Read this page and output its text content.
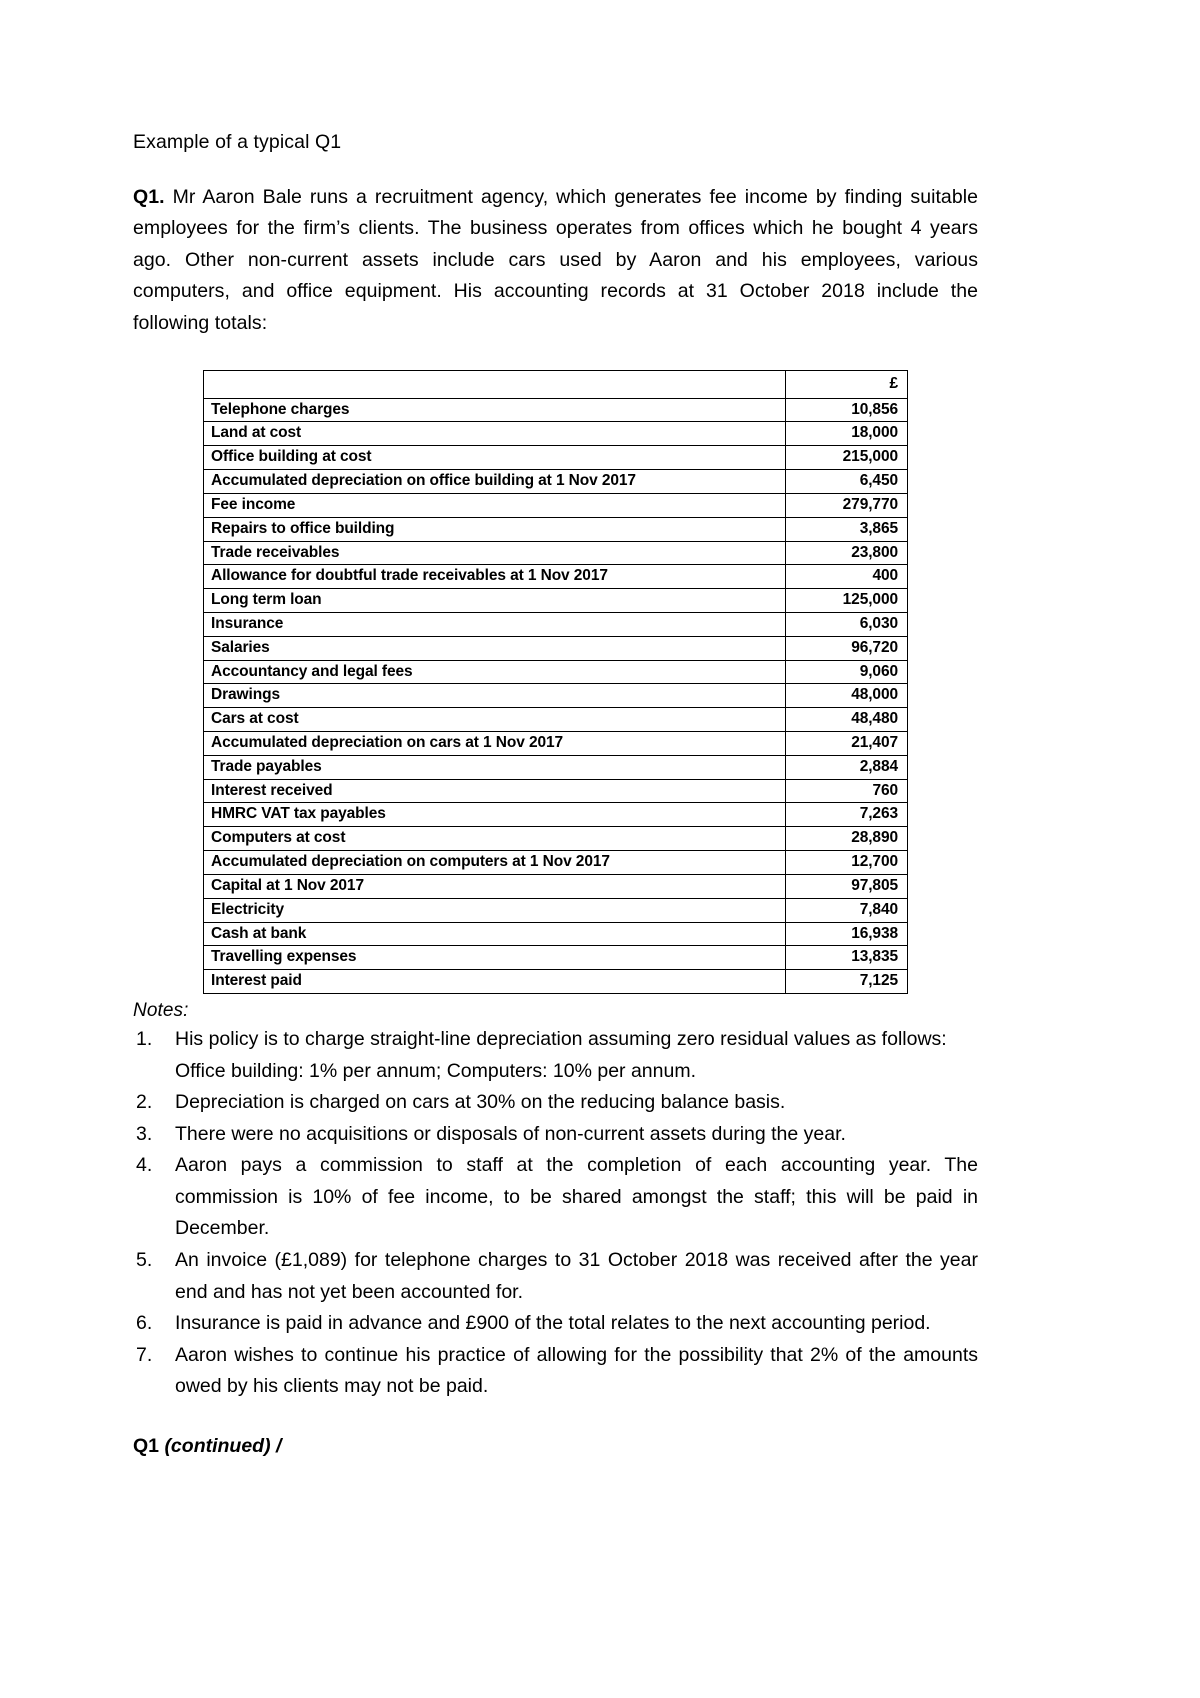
Example of a typical Q1

Q1. Mr Aaron Bale runs a recruitment agency, which generates fee income by finding suitable employees for the firm’s clients. The business operates from offices which he bought 4 years ago. Other non-current assets include cars used by Aaron and his employees, various computers, and office equipment. His accounting records at 31 October 2018 include the following totals:

	£
Telephone charges	10,856
Land at cost	18,000
Office building at cost	215,000
Accumulated depreciation on office building at 1 Nov 2017	6,450
Fee income	279,770
Repairs to office building	3,865
Trade receivables	23,800
Allowance for doubtful trade receivables at 1 Nov 2017	400
Long term loan	125,000
Insurance	6,030
Salaries	96,720
Accountancy and legal fees	9,060
Drawings	48,000
Cars at cost	48,480
Accumulated depreciation on cars at 1 Nov 2017	21,407
Trade payables	2,884
Interest received	760
HMRC VAT tax payables	7,263
Computers at cost	28,890
Accumulated depreciation on computers at 1 Nov 2017	12,700
Capital at 1 Nov 2017	97,805
Electricity	7,840
Cash at bank	16,938
Travelling expenses	13,835
Interest paid	7,125

Notes:

1. His policy is to charge straight-line depreciation assuming zero residual values as follows: Office building: 1% per annum; Computers: 10% per annum.
2. Depreciation is charged on cars at 30% on the reducing balance basis.
3. There were no acquisitions or disposals of non-current assets during the year.
4. Aaron pays a commission to staff at the completion of each accounting year. The commission is 10% of fee income, to be shared amongst the staff; this will be paid in December.
5. An invoice (£1,089) for telephone charges to 31 October 2018 was received after the year end and has not yet been accounted for.
6. Insurance is paid in advance and £900 of the total relates to the next accounting period.
7. Aaron wishes to continue his practice of allowing for the possibility that 2% of the amounts owed by his clients may not be paid.

Q1 (continued) /
